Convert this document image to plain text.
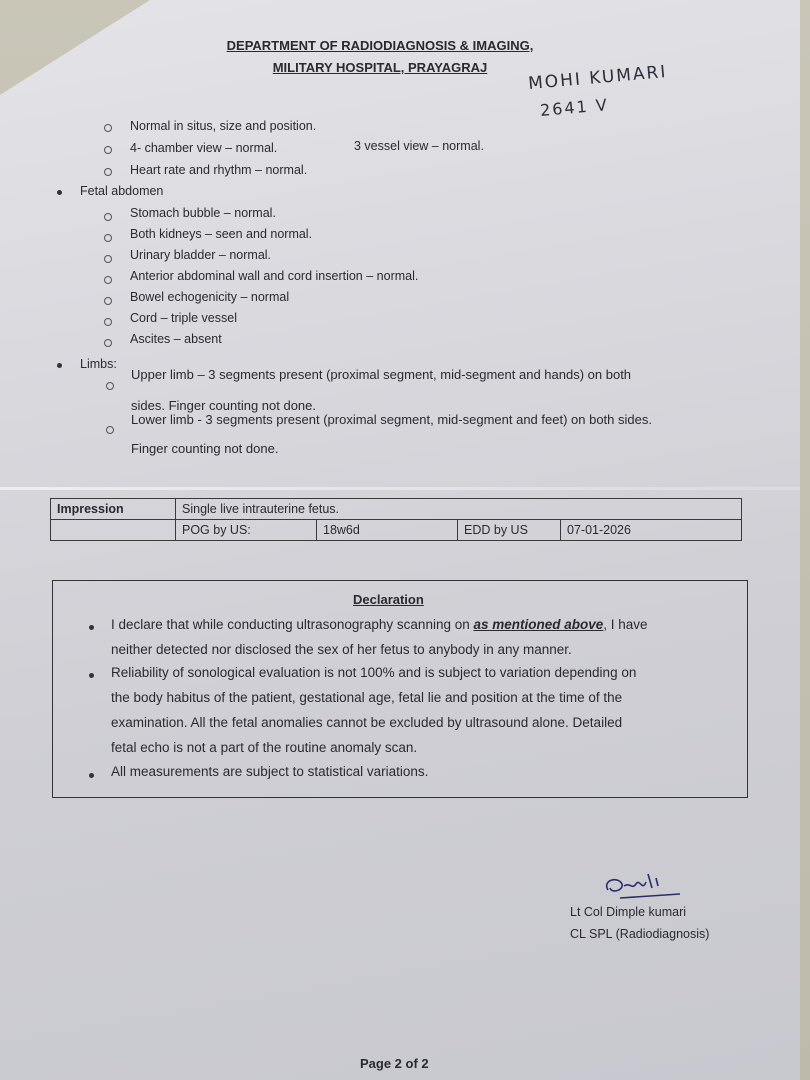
DEPARTMENT OF RADIODIAGNOSIS & IMAGING,
MILITARY HOSPITAL, PRAYAGRAJ	MOHI KUMARI
2641 V
Normal in situs, size and position.
4- chamber view – normal.	3 vessel view – normal.
Heart rate and rhythm – normal.
Fetal abdomen
Stomach bubble – normal.
Both kidneys – seen and normal.
Urinary bladder – normal.
Anterior abdominal wall and cord insertion – normal.
Bowel echogenicity – normal
Cord – triple vessel
Ascites – absent
Limbs:
Upper limb – 3 segments present (proximal segment, mid-segment and hands) on both
sides. Finger counting not done.
Lower limb - 3 segments present (proximal segment, mid-segment and feet) on both sides.
Finger counting not done.
Impression	Single live intrauterine fetus.			
	POG by US:	18w6d	EDD by US	07-01-2026
Declaration
I declare that while conducting ultrasonography scanning on as mentioned above, I have
neither detected nor disclosed the sex of her fetus to anybody in any manner.
Reliability of sonological evaluation is not 100% and is subject to variation depending on
the body habitus of the patient, gestational age, fetal lie and position at the time of the
examination. All the fetal anomalies cannot be excluded by ultrasound alone. Detailed
fetal echo is not a part of the routine anomaly scan.
All measurements are subject to statistical variations.
Lt Col Dimple kumari
CL SPL (Radiodiagnosis)
Page 2 of 2
